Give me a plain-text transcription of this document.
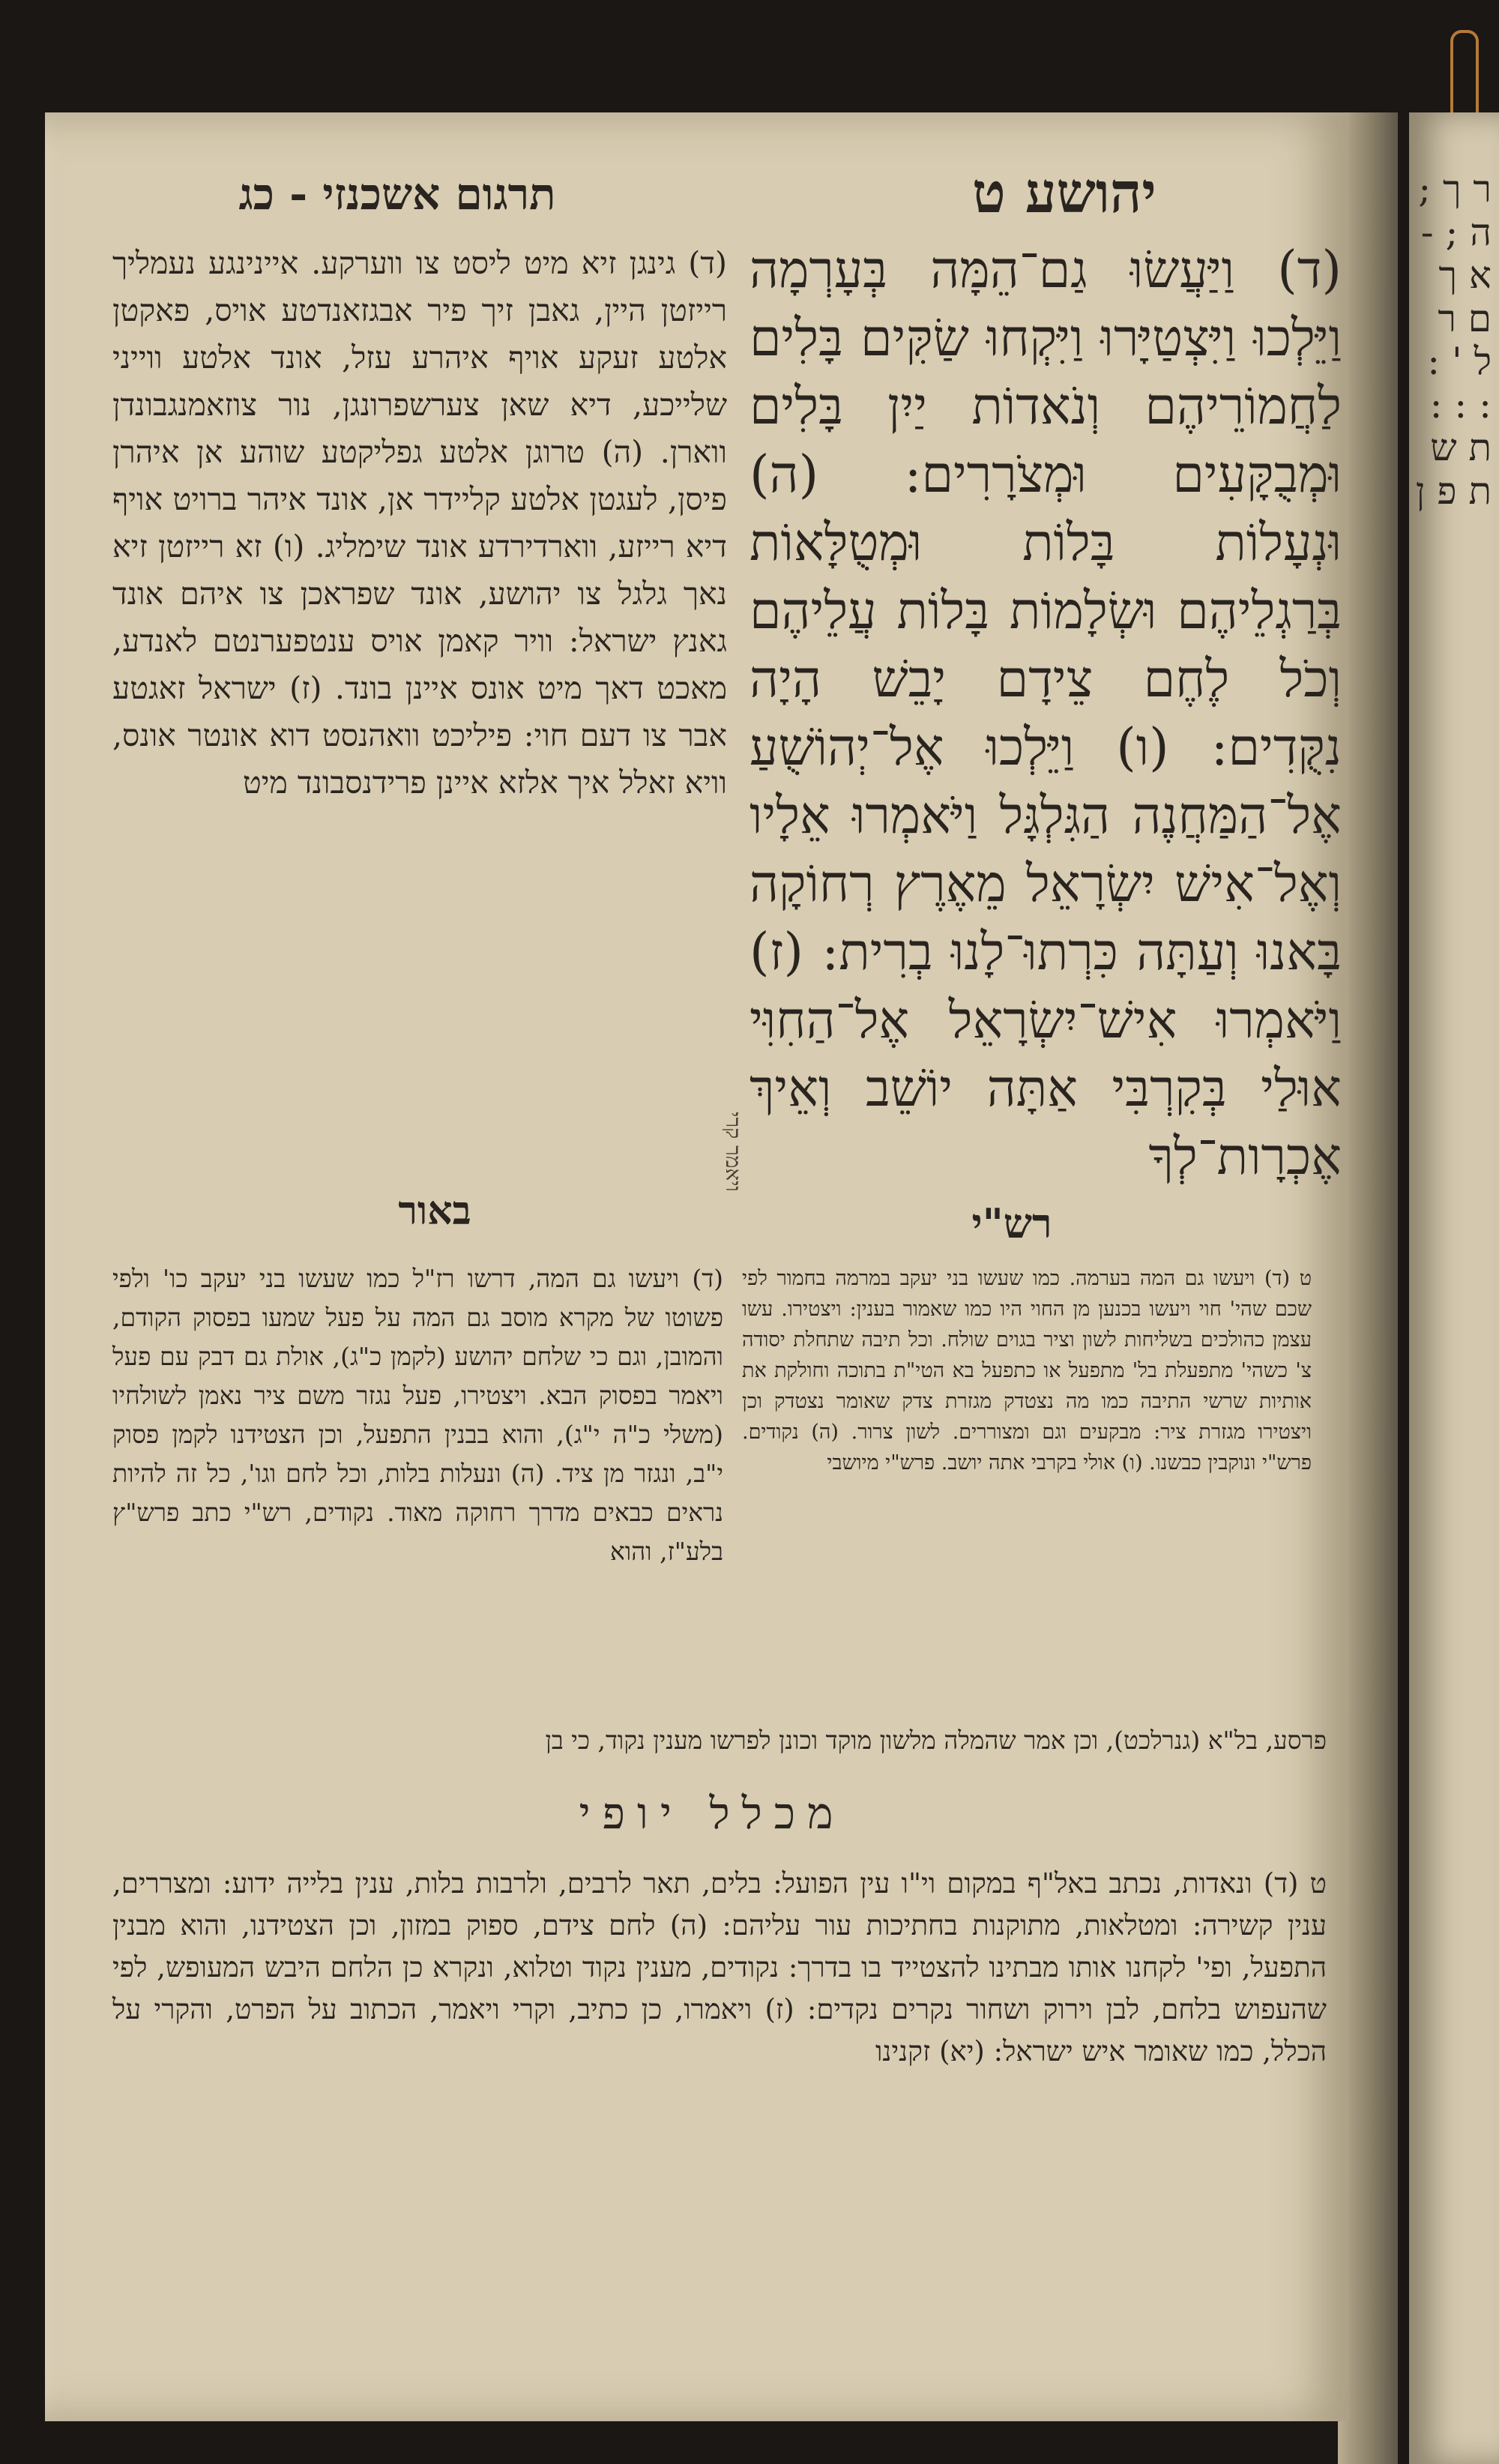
ר ך ; ה ; - א ך ם ר ל ' : : : : ת ש ת פ ן
יהושע ט
תרגום אשכנזי - כג
(ד) וַיַּעֲשׂוּ גַם־הֵמָּה בְּעָרְמָה וַיֵּלְכוּ וַיִּצְטַיָּרוּ וַיִּקְחוּ שַׂקִּים בָּלִים לַחֲמוֹרֵיהֶם וְנֹאדוֹת יַיִן בָּלִים וּמְבֻקָּעִים וּמְצֹרָרִים: (ה) וּנְעָלוֹת בָּלוֹת וּמְטֻלָּאוֹת בְּרַגְלֵיהֶם וּשְׂלָמוֹת בָּלוֹת עֲלֵיהֶם וְכֹל לֶחֶם צֵידָם יָבֵשׁ הָיָה נִקֻּדִים: (ו) וַיֵּלְכוּ אֶל־יְהוֹשֻׁעַ אֶל־הַמַּחֲנֶה הַגִּלְגָּל וַיֹּאמְרוּ אֵלָיו וְאֶל־אִישׁ יִשְׂרָאֵל מֵאֶרֶץ רְחוֹקָה בָּאנוּ וְעַתָּה כִּרְתוּ־לָנוּ בְרִית: (ז) וַיֹּאמְרוּ אִישׁ־יִשְׂרָאֵל אֶל־הַחִוִּי אוּלַי בְּקִרְבִּי אַתָּה יוֹשֵׁב וְאֵיךְ אֶכְרָות־לְךָ
ויאמר קרי
(ד) גינגן זיא מיט ליסט צו ווערקע. איינינגע נעמליך רייזטן היין, גאבן זיך פיר אבגזאנדטע אויס, פאקטן אלטע זעקע אויף איהרע עזל, אונד אלטע ווייני שלייכע, דיא שאן צערשפרונגן, נור צוזאמנגבונדן ווארן. (ה) טרוגן אלטע גפליקטע שוהע אן איהרן פיסן, לעגטן אלטע קליידר אן, אונד איהר ברויט אויף דיא רייזע, ווארדירדע אונד שימליג. (ו) זא רייזטן זיא נאך גלגל צו יהושע, אונד שפראכן צו איהם אונד גאנץ ישראל: וויר קאמן אויס ענטפערנטם לאנדע, מאכט דאך מיט אונס איינן בונד. (ז) ישראל זאגטע אבר צו דעם חוי: פיליכט וואהנסט דוא אונטר אונס, וויא זאלל איך אלזא איינן פרידנסבונד מיט
רש"י
ט (ד) ויעשו גם המה בערמה. כמו שעשו בני יעקב במרמה בחמור לפי שכם שהי' חוי ויעשו בכנען מן החוי היו כמו שאמור בענין: ויצטירו. עשו עצמן כהולכים בשליחות לשון וציר בגוים שולח. וכל תיבה שתחלת יסודה צ' כשהי' מתפעלת בל' מתפעל או כתפעל בא הטי"ת בתוכה וחולקת את אותיות שרשי התיבה כמו מה נצטדק מגזרת צדק שאומר נצטדק וכן ויצטירו מגזרת ציר: מבקעים וגם ומצוררים. לשון צרור. (ה) נקודים. פרש"י ונוקבין כבשנו. (ו) אולי בקרבי אתה יושב. פרש"י מיושבי
באור
(ד) ויעשו גם המה, דרשו רז"ל כמו שעשו בני יעקב כו' ולפי פשוטו של מקרא מוסב גם המה על פעל שמעו בפסוק הקודם, והמובן, וגם כי שלחם יהושע (לקמן כ"ג), אולת גם דבק עם פעל ויאמר בפסוק הבא. ויצטירו, פעל נגזר משם ציר נאמן לשולחיו (משלי כ"ה י"ג), והוא בבנין התפעל, וכן הצטידנו לקמן פסוק י"ב, ונגזר מן ציד. (ה) ונעלות בלות, וכל לחם וגו', כל זה להיות נראים כבאים מדרך רחוקה מאוד. נקודים, רש"י כתב פרש"ץ בלע"ז, והוא
פרסע, בל"א (גנרלכט), וכן אמר שהמלה מלשון מוקד וכונן לפרשו מענין נקוד, כי בן
מכלל יופי
ט (ד) ונאדות, נכתב באל"ף במקום וי"ו עין הפועל: בלים, תאר לרבים, ולרבות בלות, ענין בלייה ידוע: ומצררים, ענין קשירה: ומטלאות, מתוקנות בחתיכות עור עליהם: (ה) לחם צידם, ספוק במזון, וכן הצטידנו, והוא מבנין התפעל, ופי' לקחנו אותו מבתינו להצטייד בו בדרך: נקודים, מענין נקוד וטלוא, ונקרא כן הלחם היבש המעופש, לפי שהעפוש בלחם, לבן וירוק ושחור נקרים נקדים: (ז) ויאמרו, כן כתיב, וקרי ויאמר, הכתוב על הפרט, והקרי על הכלל, כמו שאומר איש ישראל: (יא) זקנינו
